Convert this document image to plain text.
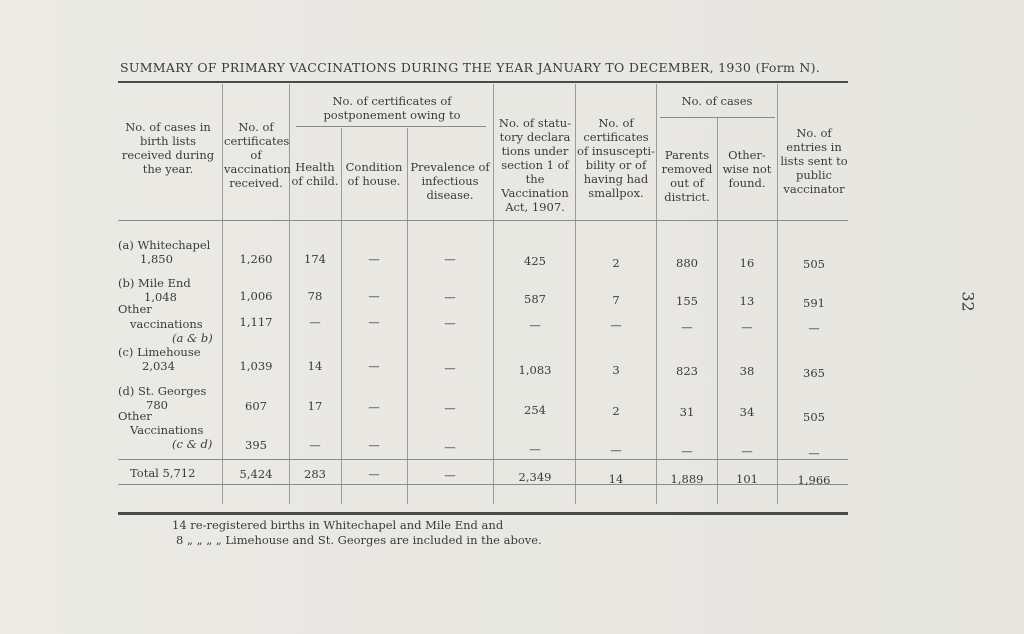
SUMMARY OF PRIMARY VACCINATIONS DURING THE YEAR JANUARY TO DECEMBER, 1930 (Form N).
No. of cases in birth lists received during the year.
No. of certificates of vaccination received.
No. of certificates of postponement owing to
Health of child.
Condition of house.
Prevalence of infectious disease.
No. of statu-tory declara tions under section 1 of the Vaccination Act, 1907.
No. of certificates of insuscepti-bility or of having had smallpox.
No. of cases
Parents removed out of district.
Other-wise not found.
No. of entries in lists sent to public vaccinator
(a) Whitechapel
1,850	1,260	174	—	—	425	2	880	16	505
(b) Mile End
1,048	1,006	78	—	—	587	7	155	13	591
Other
vaccinations
(a & b)
1,117	—	—	—	—	—	—	—	—
(c) Limehouse
2,034	1,039	14	—	—	1,083	3	823	38	365
(d) St. Georges
780	607	17	—	—	254	2	31	34	505
Other
Vaccinations
(c & d)	395	—	—	—	—	—	—	—	—
Total 5,712	5,424	283	—	—	2,349	14	1,889	101	1,966
14 re-registered births in Whitechapel and Mile End and
8 „ „ „ „ Limehouse and St. Georges are included in the above.
32
